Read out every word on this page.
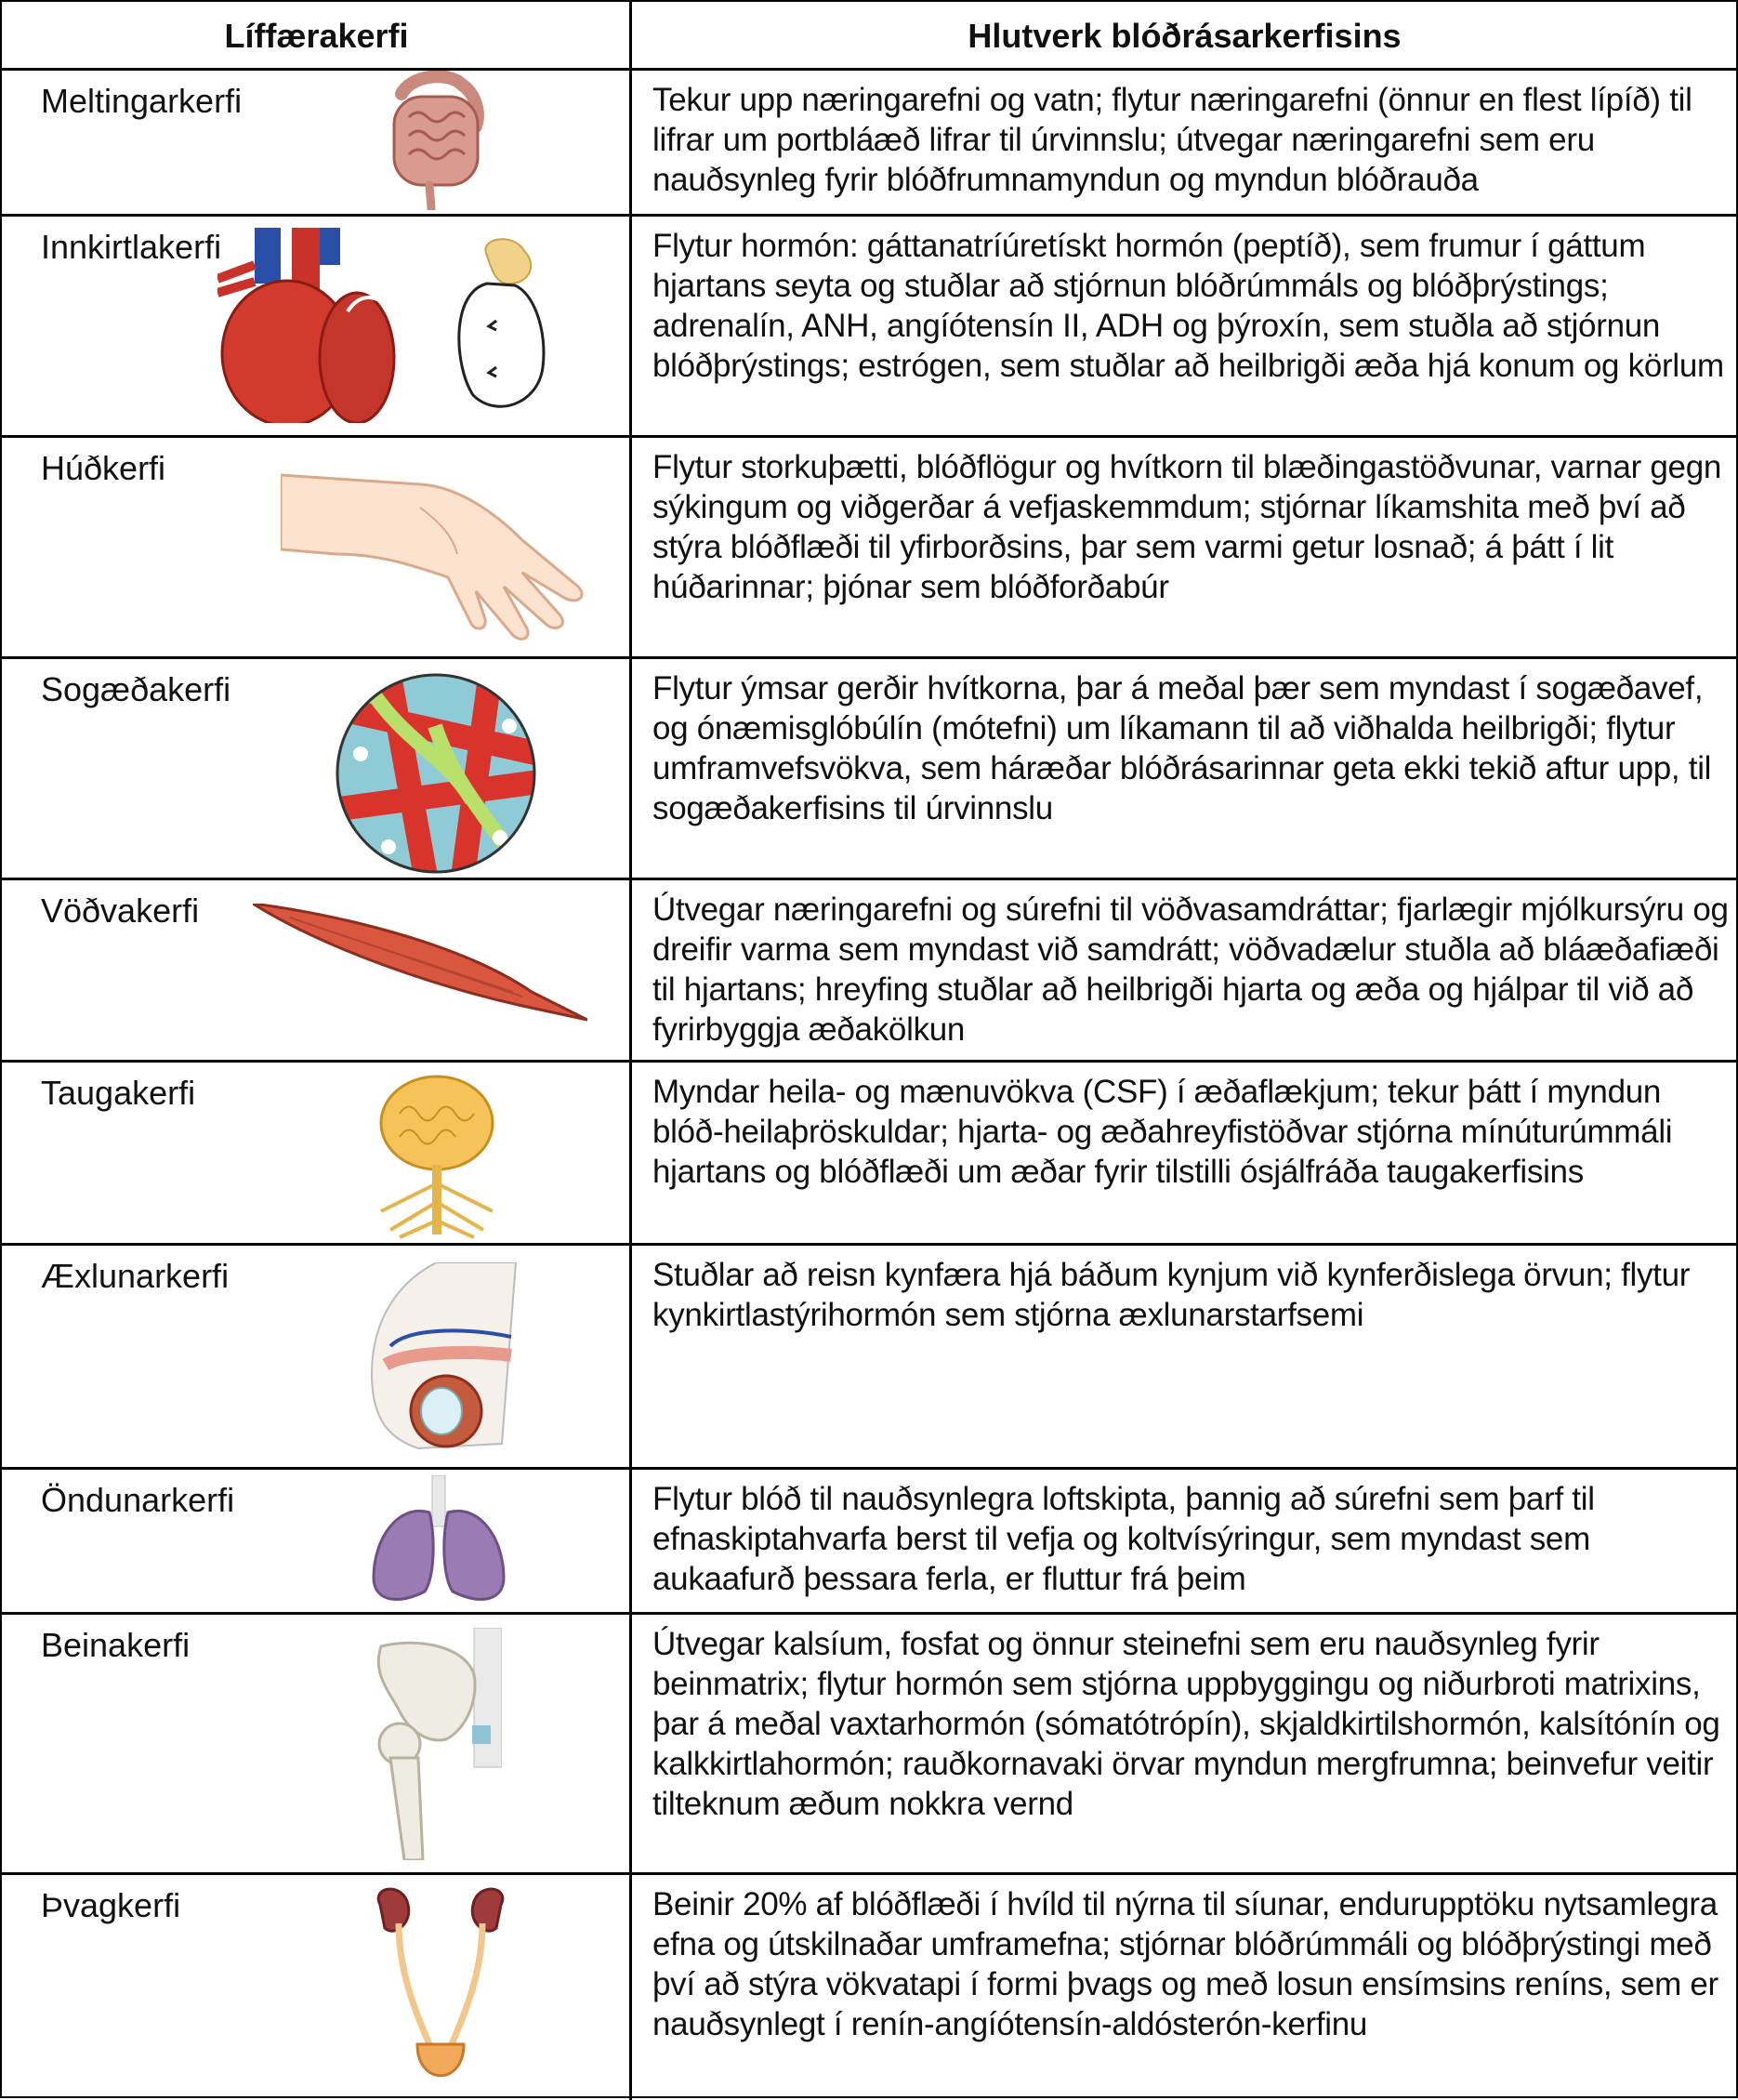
Líffærakerfi	Hlutverk blóðrásarkerfisins
Meltingarkerfi	Tekur upp næringarefni og vatn; flytur næringarefni (önnur en flest lípíð) til lifrar um portbláæð lifrar til úrvinnslu; útvegar næringarefni sem eru nauðsynleg fyrir blóðfrumnamyndun og myndun blóðrauða
Innkirtlakerfi	Flytur hormón: gáttanatríúretískt hormón (peptíð), sem frumur í gáttum hjartans seyta og stuðlar að stjórnun blóðrúmmáls og blóðþrýstings; adrenalín, ANH, angíótensín II, ADH og þýroxín, sem stuðla að stjórnun blóðþrýstings; estrógen, sem stuðlar að heilbrigði æða hjá konum og körlum
Húðkerfi	Flytur storkuþætti, blóðflögur og hvítkorn til blæðingastöðvunar, varnar gegn sýkingum og viðgerðar á vefjaskemmdum; stjórnar líkamshita með því að stýra blóðflæði til yfirborðsins, þar sem varmi getur losnað; á þátt í lit húðarinnar; þjónar sem blóðforðabúr
Sogæðakerfi	Flytur ýmsar gerðir hvítkorna, þar á meðal þær sem myndast í sogæðavef, og ónæmisglóbúlín (mótefni) um líkamann til að viðhalda heilbrigði; flytur umframvefsvökva, sem háræðar blóðrásarinnar geta ekki tekið aftur upp, til sogæðakerfisins til úrvinnslu
Vöðvakerfi	Útvegar næringarefni og súrefni til vöðvasamdráttar; fjarlægir mjólkursýru og dreifir varma sem myndast við samdrátt; vöðvadælur stuðla að bláæðafiæði til hjartans; hreyfing stuðlar að heilbrigði hjarta og æða og hjálpar til við að fyrirbyggja æðakölkun
Taugakerfi	Myndar heila- og mænuvökva (CSF) í æðaflækjum; tekur þátt í myndun blóð-heilaþröskuldar; hjarta- og æðahreyfistöðvar stjórna mínúturúmmáli hjartans og blóðflæði um æðar fyrir tilstilli ósjálfráða taugakerfisins
Æxlunarkerfi	Stuðlar að reisn kynfæra hjá báðum kynjum við kynferðislega örvun; flytur kynkirtlastýrihormón sem stjórna æxlunarstarfsemi
Öndunarkerfi	Flytur blóð til nauðsynlegra loftskipta, þannig að súrefni sem þarf til efnaskiptahvarfa berst til vefja og koltvísýringur, sem myndast sem aukaafurð þessara ferla, er fluttur frá þeim
Beinakerfi	Útvegar kalsíum, fosfat og önnur steinefni sem eru nauðsynleg fyrir beinmatrix; flytur hormón sem stjórna uppbyggingu og niðurbroti matrixins, þar á meðal vaxtarhormón (sómatótrópín), skjaldkirtilshormón, kalsítónín og kalkkirtlahormón; rauðkornavaki örvar myndun mergfrumna; beinvefur veitir tilteknum æðum nokkra vernd
Þvagkerfi	Beinir 20% af blóðflæði í hvíld til nýrna til síunar, endurupptöku nytsamlegra efna og útskilnaðar umframefna; stjórnar blóðrúmmáli og blóðþrýstingi með því að stýra vökvatapi í formi þvags og með losun ensímsins reníns, sem er nauðsynlegt í renín-angíótensín-aldósterón-kerfinu
